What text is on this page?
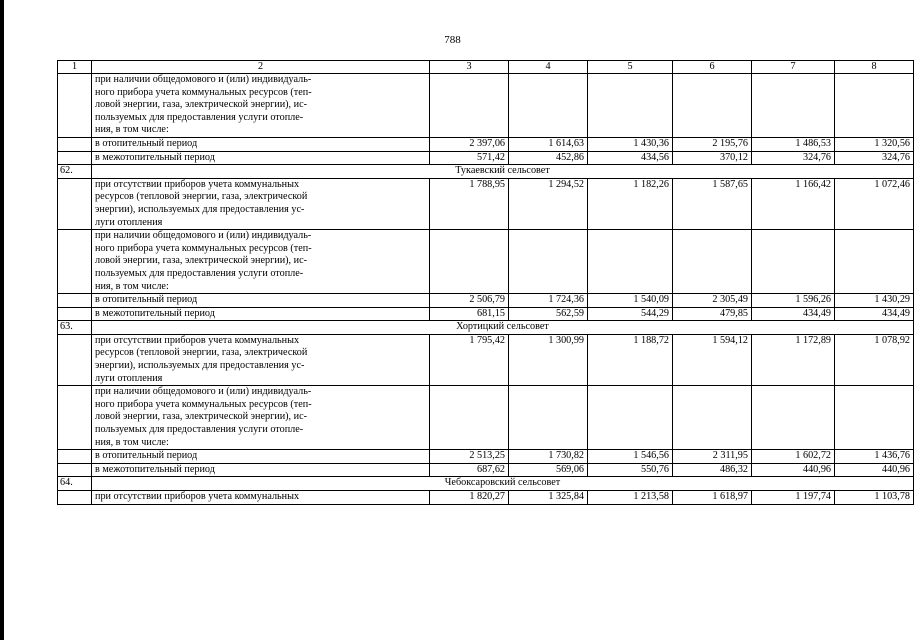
788
1	2	3	4	5	6	7	8
	при наличии общедомового и (или) индивидуаль-
ного прибора учета коммунальных ресурсов (теп-
ловой энергии, газа, электрической энергии), ис-
пользуемых для предоставления услуги отопле-
ния, в том числе:						
	в отопительный период	2 397,06	1 614,63	1 430,36	2 195,76	1 486,53	1 320,56
	в межотопительный период	571,42	452,86	434,56	370,12	324,76	324,76
62.	Тукаевский сельсовет						
	при отсутствии приборов учета коммунальных
ресурсов (тепловой энергии, газа, электрической
энергии), используемых для предоставления ус-
луги отопления	1 788,95	1 294,52	1 182,26	1 587,65	1 166,42	1 072,46
	при наличии общедомового и (или) индивидуаль-
ного прибора учета коммунальных ресурсов (теп-
ловой энергии, газа, электрической энергии), ис-
пользуемых для предоставления услуги отопле-
ния, в том числе:						
	в отопительный период	2 506,79	1 724,36	1 540,09	2 305,49	1 596,26	1 430,29
	в межотопительный период	681,15	562,59	544,29	479,85	434,49	434,49
63.	Хортицкий сельсовет						
	при отсутствии приборов учета коммунальных
ресурсов (тепловой энергии, газа, электрической
энергии), используемых для предоставления ус-
луги отопления	1 795,42	1 300,99	1 188,72	1 594,12	1 172,89	1 078,92
	при наличии общедомового и (или) индивидуаль-
ного прибора учета коммунальных ресурсов (теп-
ловой энергии, газа, электрической энергии), ис-
пользуемых для предоставления услуги отопле-
ния, в том числе:						
	в отопительный период	2 513,25	1 730,82	1 546,56	2 311,95	1 602,72	1 436,76
	в межотопительный период	687,62	569,06	550,76	486,32	440,96	440,96
64.	Чебоксаровский сельсовет						
	при отсутствии приборов учета коммунальных	1 820,27	1 325,84	1 213,58	1 618,97	1 197,74	1 103,78
